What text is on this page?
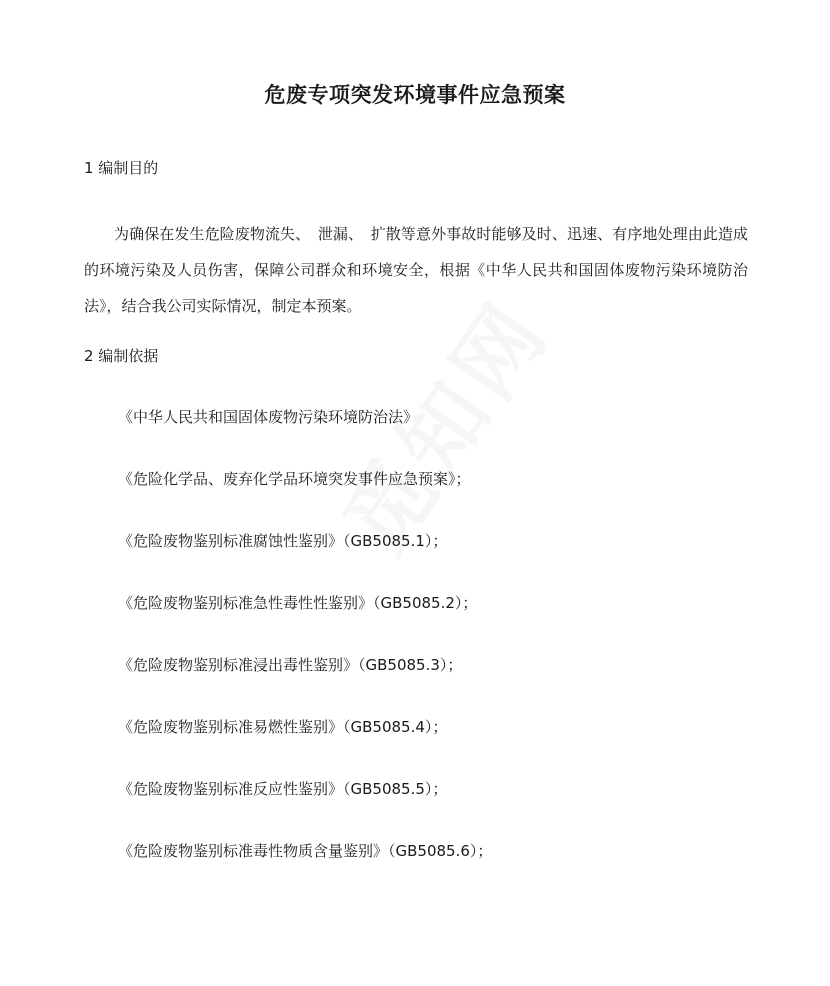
危废专项突发环境事件应急预案
1 编制目的
为确保在发生危险废物流失、　泄漏、　扩散等意外事故时能够及时、迅速、有序地处理由此造成的环境污染及人员伤害，保障公司群众和环境安全，根据《中华人民共和国固体废物污染环境防治法》，结合我公司实际情况，制定本预案。
2 编制依据
《中华人民共和国固体废物污染环境防治法》
《危险化学品、废弃化学品环境突发事件应急预案》；
《危险废物鉴别标准腐蚀性鉴别》（GB5085.1）；
《危险废物鉴别标准急性毒性性鉴别》（GB5085.2）；
《危险废物鉴别标准浸出毒性鉴别》（GB5085.3）；
《危险废物鉴别标准易燃性鉴别》（GB5085.4）；
《危险废物鉴别标准反应性鉴别》（GB5085.5）；
《危险废物鉴别标准毒性物质含量鉴别》（GB5085.6）；
